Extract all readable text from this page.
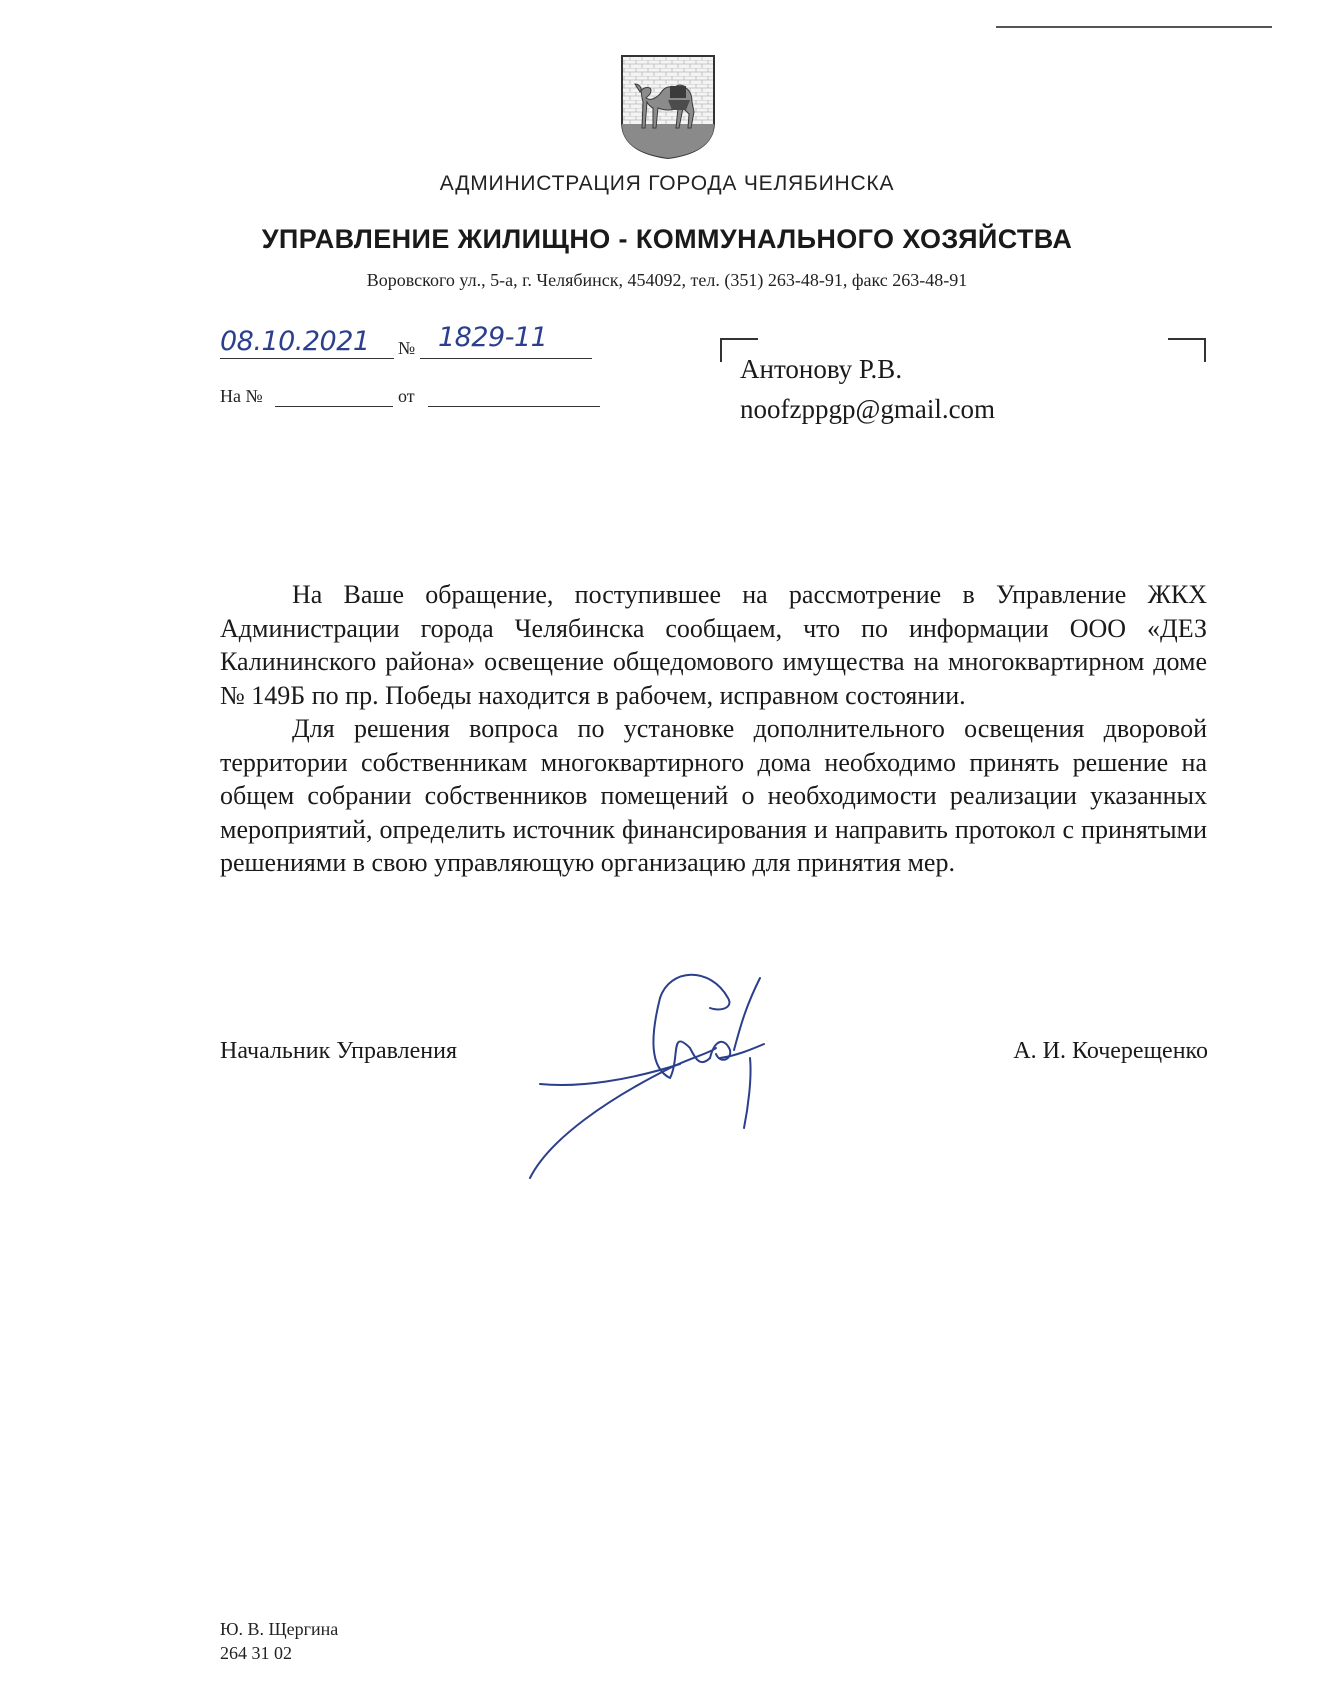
АДМИНИСТРАЦИЯ ГОРОДА ЧЕЛЯБИНСКА
УПРАВЛЕНИЕ ЖИЛИЩНО - КОММУНАЛЬНОГО ХОЗЯЙСТВА
Воровского ул., 5-а, г. Челябинск, 454092, тел. (351) 263-48-91, факс 263-48-91
08.10.2021 № 1829-11
На №	от
Антонову Р.В.
noofzppgp@gmail.com

На Ваше обращение, поступившее на рассмотрение в Управление ЖКХ Администрации города Челябинска сообщаем, что по информации ООО «ДЕЗ Калининского района» освещение общедомового имущества на многоквартирном доме № 149Б по пр. Победы находится в рабочем, исправном состоянии.

Для решения вопроса по установке дополнительного освещения дворовой территории собственникам многоквартирного дома необходимо принять решение на общем собрании собственников помещений о необходимости реализации указанных мероприятий, определить источник финансирования и направить протокол с принятыми решениями в свою управляющую организацию для принятия мер.

Начальник Управления	А. И. Кочерещенко
Ю. В. Щергина
264 31 02
